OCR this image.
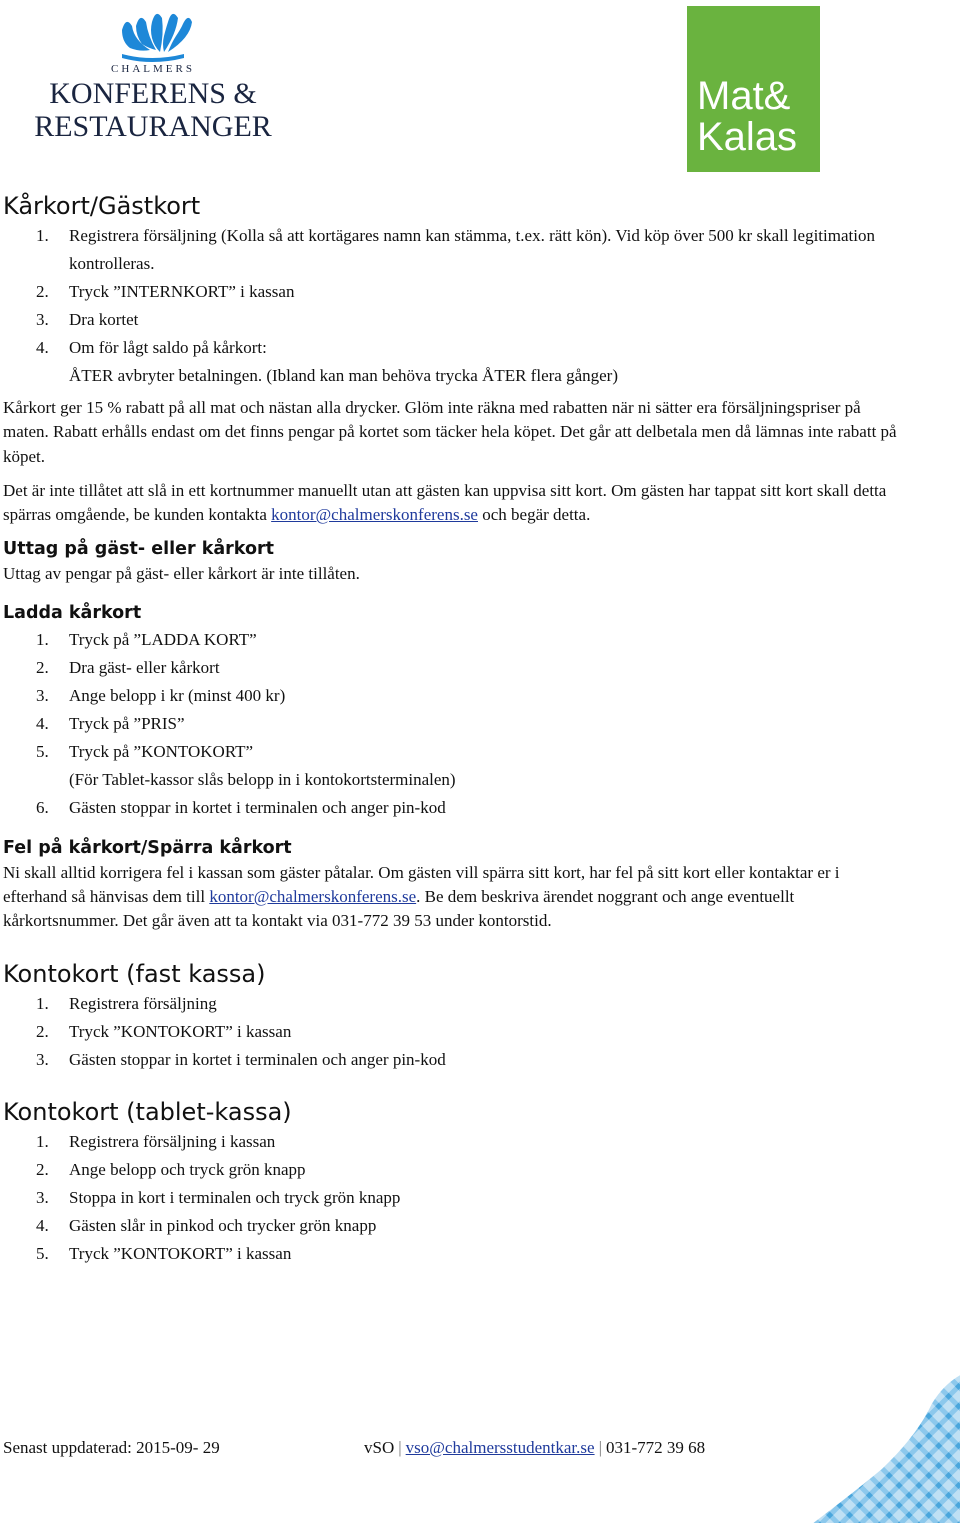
CHALMERS
KONFERENS &
RESTAURANGER
Mat&
Kalas
Kårkort/Gästkort
1. Registrera försäljning (Kolla så att kortägares namn kan stämma, t.ex. rätt kön). Vid köp över 500 kr skall legitimation kontrolleras.
2. Tryck ”INTERNKORT” i kassan
3. Dra kortet
4. Om för lågt saldo på kårkort:
ÅTER avbryter betalningen. (Ibland kan man behöva trycka ÅTER flera gånger)

Kårkort ger 15 % rabatt på all mat och nästan alla drycker. Glöm inte räkna med rabatten när ni sätter era försäljningspriser på maten. Rabatt erhålls endast om det finns pengar på kortet som täcker hela köpet. Det går att delbetala men då lämnas inte rabatt på köpet.

Det är inte tillåtet att slå in ett kortnummer manuellt utan att gästen kan uppvisa sitt kort. Om gästen har tappat sitt kort skall detta spärras omgående, be kunden kontakta kontor@chalmerskonferens.se och begär detta.

Uttag på gäst- eller kårkort

Uttag av pengar på gäst- eller kårkort är inte tillåten.

Ladda kårkort
1. Tryck på ”LADDA KORT”
2. Dra gäst- eller kårkort
3. Ange belopp i kr (minst 400 kr)
4. Tryck på ”PRIS”
5. Tryck på ”KONTOKORT”
(För Tablet-kassor slås belopp in i kontokortsterminalen)
6. Gästen stoppar in kortet i terminalen och anger pin-kod
Fel på kårkort/Spärra kårkort

Ni skall alltid korrigera fel i kassan som gäster påtalar. Om gästen vill spärra sitt kort, har fel på sitt kort eller kontaktar er i efterhand så hänvisas dem till kontor@chalmerskonferens.se. Be dem beskriva ärendet noggrant och ange eventuellt kårkortsnummer. Det går även att ta kontakt via 031-772 39 53 under kontorstid.

Kontokort (fast kassa)
1. Registrera försäljning
2. Tryck ”KONTOKORT” i kassan
3. Gästen stoppar in kortet i terminalen och anger pin-kod
Kontokort (tablet-kassa)
1. Registrera försäljning i kassan
2. Ange belopp och tryck grön knapp
3. Stoppa in kort i terminalen och tryck grön knapp
4. Gästen slår in pinkod och trycker grön knapp
5. Tryck ”KONTOKORT” i kassan
Senast uppdaterad: 2015-09- 29	vSO | vso@chalmersstudentkar.se | 031-772 39 68
